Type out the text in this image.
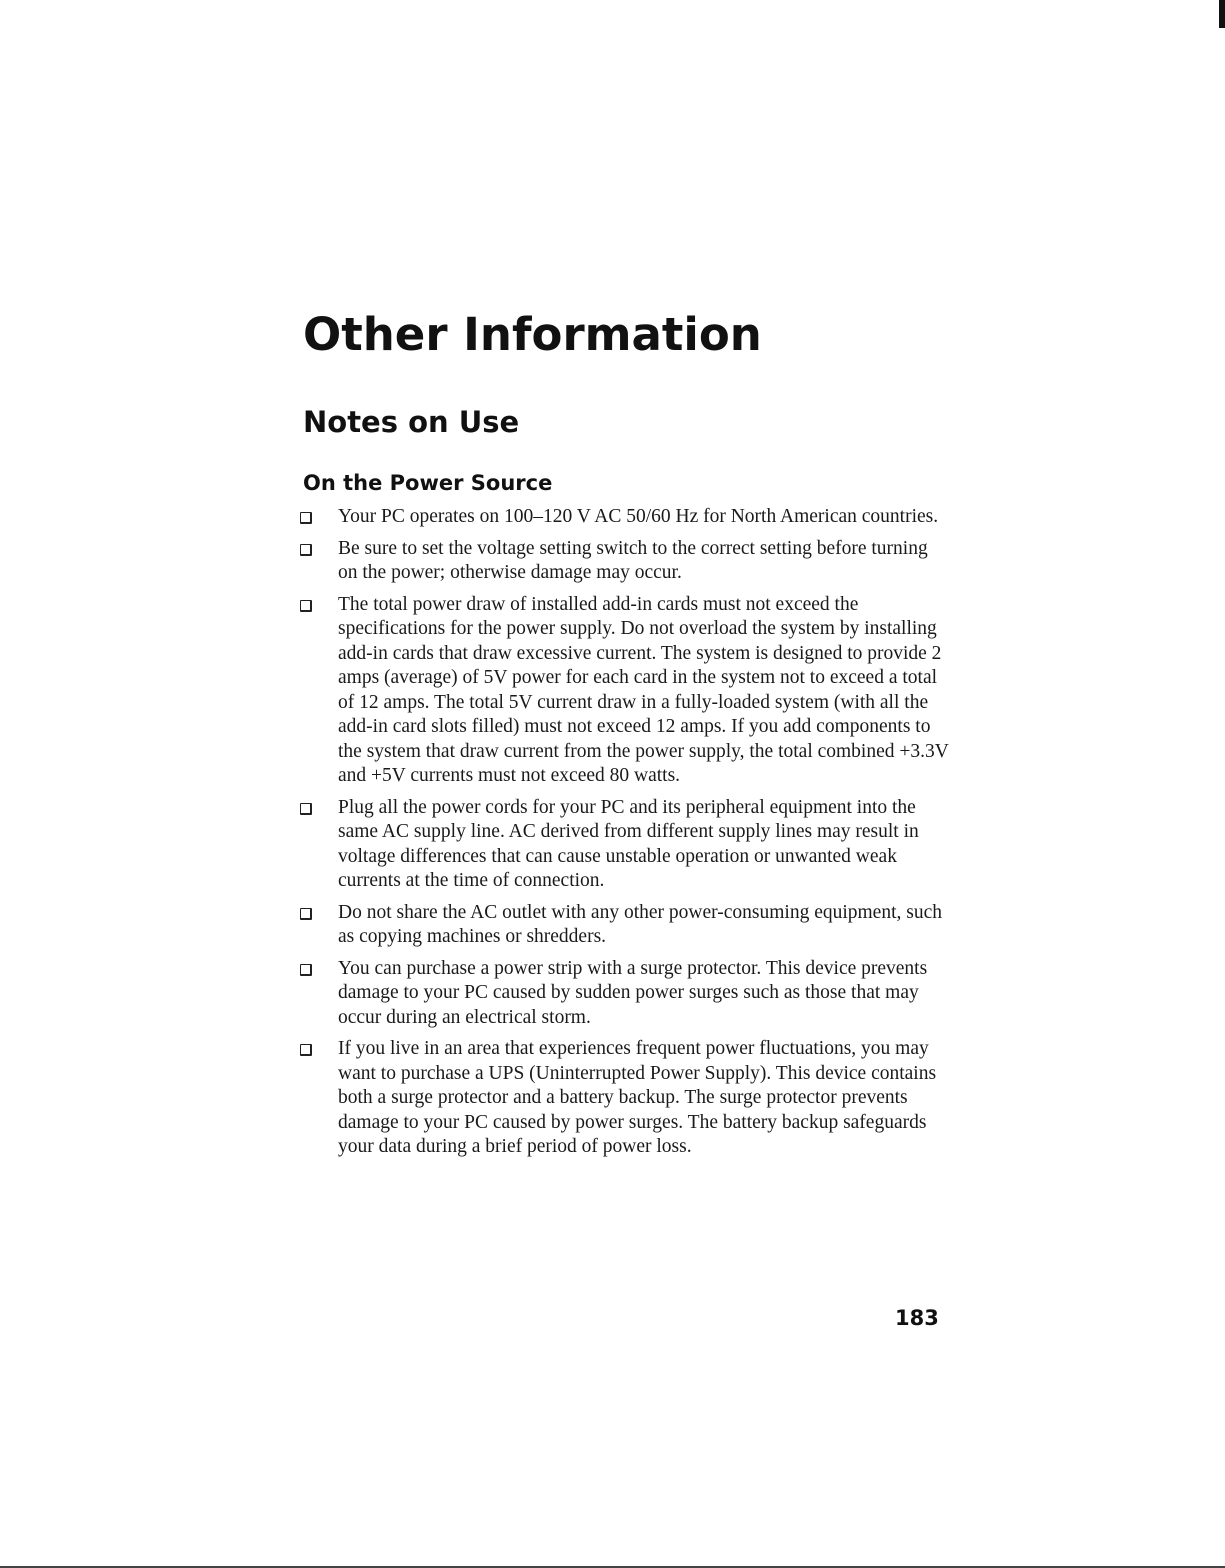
Other Information
Notes on Use
On the Power Source
Your PC operates on 100–120 V AC 50/60 Hz for North American countries.
Be sure to set the voltage setting switch to the correct setting before turning on the power; otherwise damage may occur.
The total power draw of installed add-in cards must not exceed the specifications for the power supply. Do not overload the system by installing add-in cards that draw excessive current. The system is designed to provide 2 amps (average) of 5V power for each card in the system not to exceed a total of 12 amps. The total 5V current draw in a fully-loaded system (with all the add-in card slots filled) must not exceed 12 amps. If you add components to the system that draw current from the power supply, the total combined +3.3V and +5V currents must not exceed 80 watts.
Plug all the power cords for your PC and its peripheral equipment into the same AC supply line. AC derived from different supply lines may result in voltage differences that can cause unstable operation or unwanted weak currents at the time of connection.
Do not share the AC outlet with any other power-consuming equipment, such as copying machines or shredders.
You can purchase a power strip with a surge protector. This device prevents damage to your PC caused by sudden power surges such as those that may occur during an electrical storm.
If you live in an area that experiences frequent power fluctuations, you may want to purchase a UPS (Uninterrupted Power Supply). This device contains both a surge protector and a battery backup. The surge protector prevents damage to your PC caused by power surges. The battery backup safeguards your data during a brief period of power loss.
183
